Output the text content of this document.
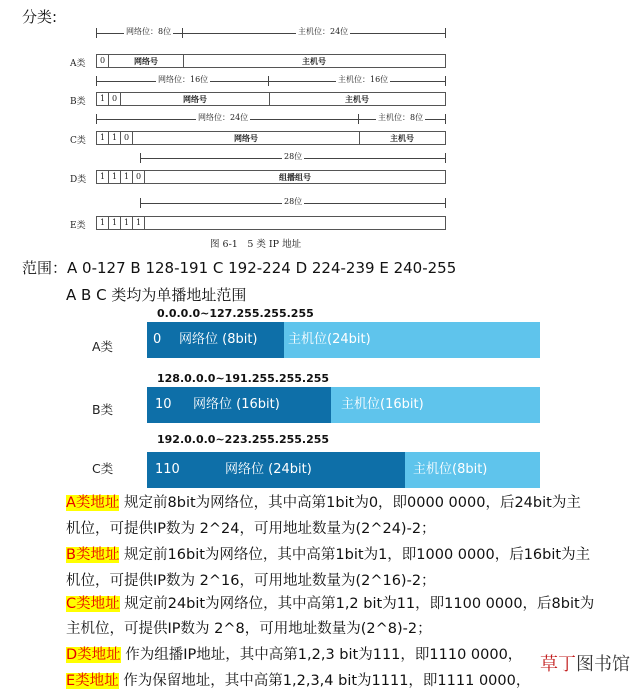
分类:
网络位：8位	主机位：24位
A类	0	网络号	主机号
网络位：16位	主机位：16位
B类	1 0	网络号	主机号
网络位：24位	主机位：8位
C类	1 1 0	网络号	主机号
28位
D类	1 1 1 0	组播组号
28位
E类	1 1 1 1
图 6-1　5 类 IP 地址
范围：A 0-127 B 128-191 C 192-224 D 224-239 E 240-255
A B C 类均为单播地址范围
0.0.0.0~127.255.255.255
A类	0 网络位 (8bit) 主机位(24bit)
128.0.0.0~191.255.255.255
B类	10 网络位 (16bit)	主机位(16bit)
192.0.0.0~223.255.255.255
C类	110	网络位 (24bit)	主机位(8bit)
A类地址 规定前8bit为网络位，其中高第1bit为0，即0000 0000，后24bit为主
机位，可提供IP数为 2^24，可用地址数量为(2^24)-2；
B类地址 规定前16bit为网络位，其中高第1bit为1，即1000 0000，后16bit为主
机位，可提供IP数为 2^16，可用地址数量为(2^16)-2；
C类地址 规定前24bit为网络位，其中高第1,2 bit为11，即1100 0000，后8bit为
主机位，可提供IP数为 2^8，可用地址数量为(2^8)-2；
D类地址 作为组播IP地址，其中高第1,2,3 bit为111，即1110 0000，
E类地址 作为保留地址，其中高第1,2,3,4 bit为1111，即1111 0000，
草丁图书馆
